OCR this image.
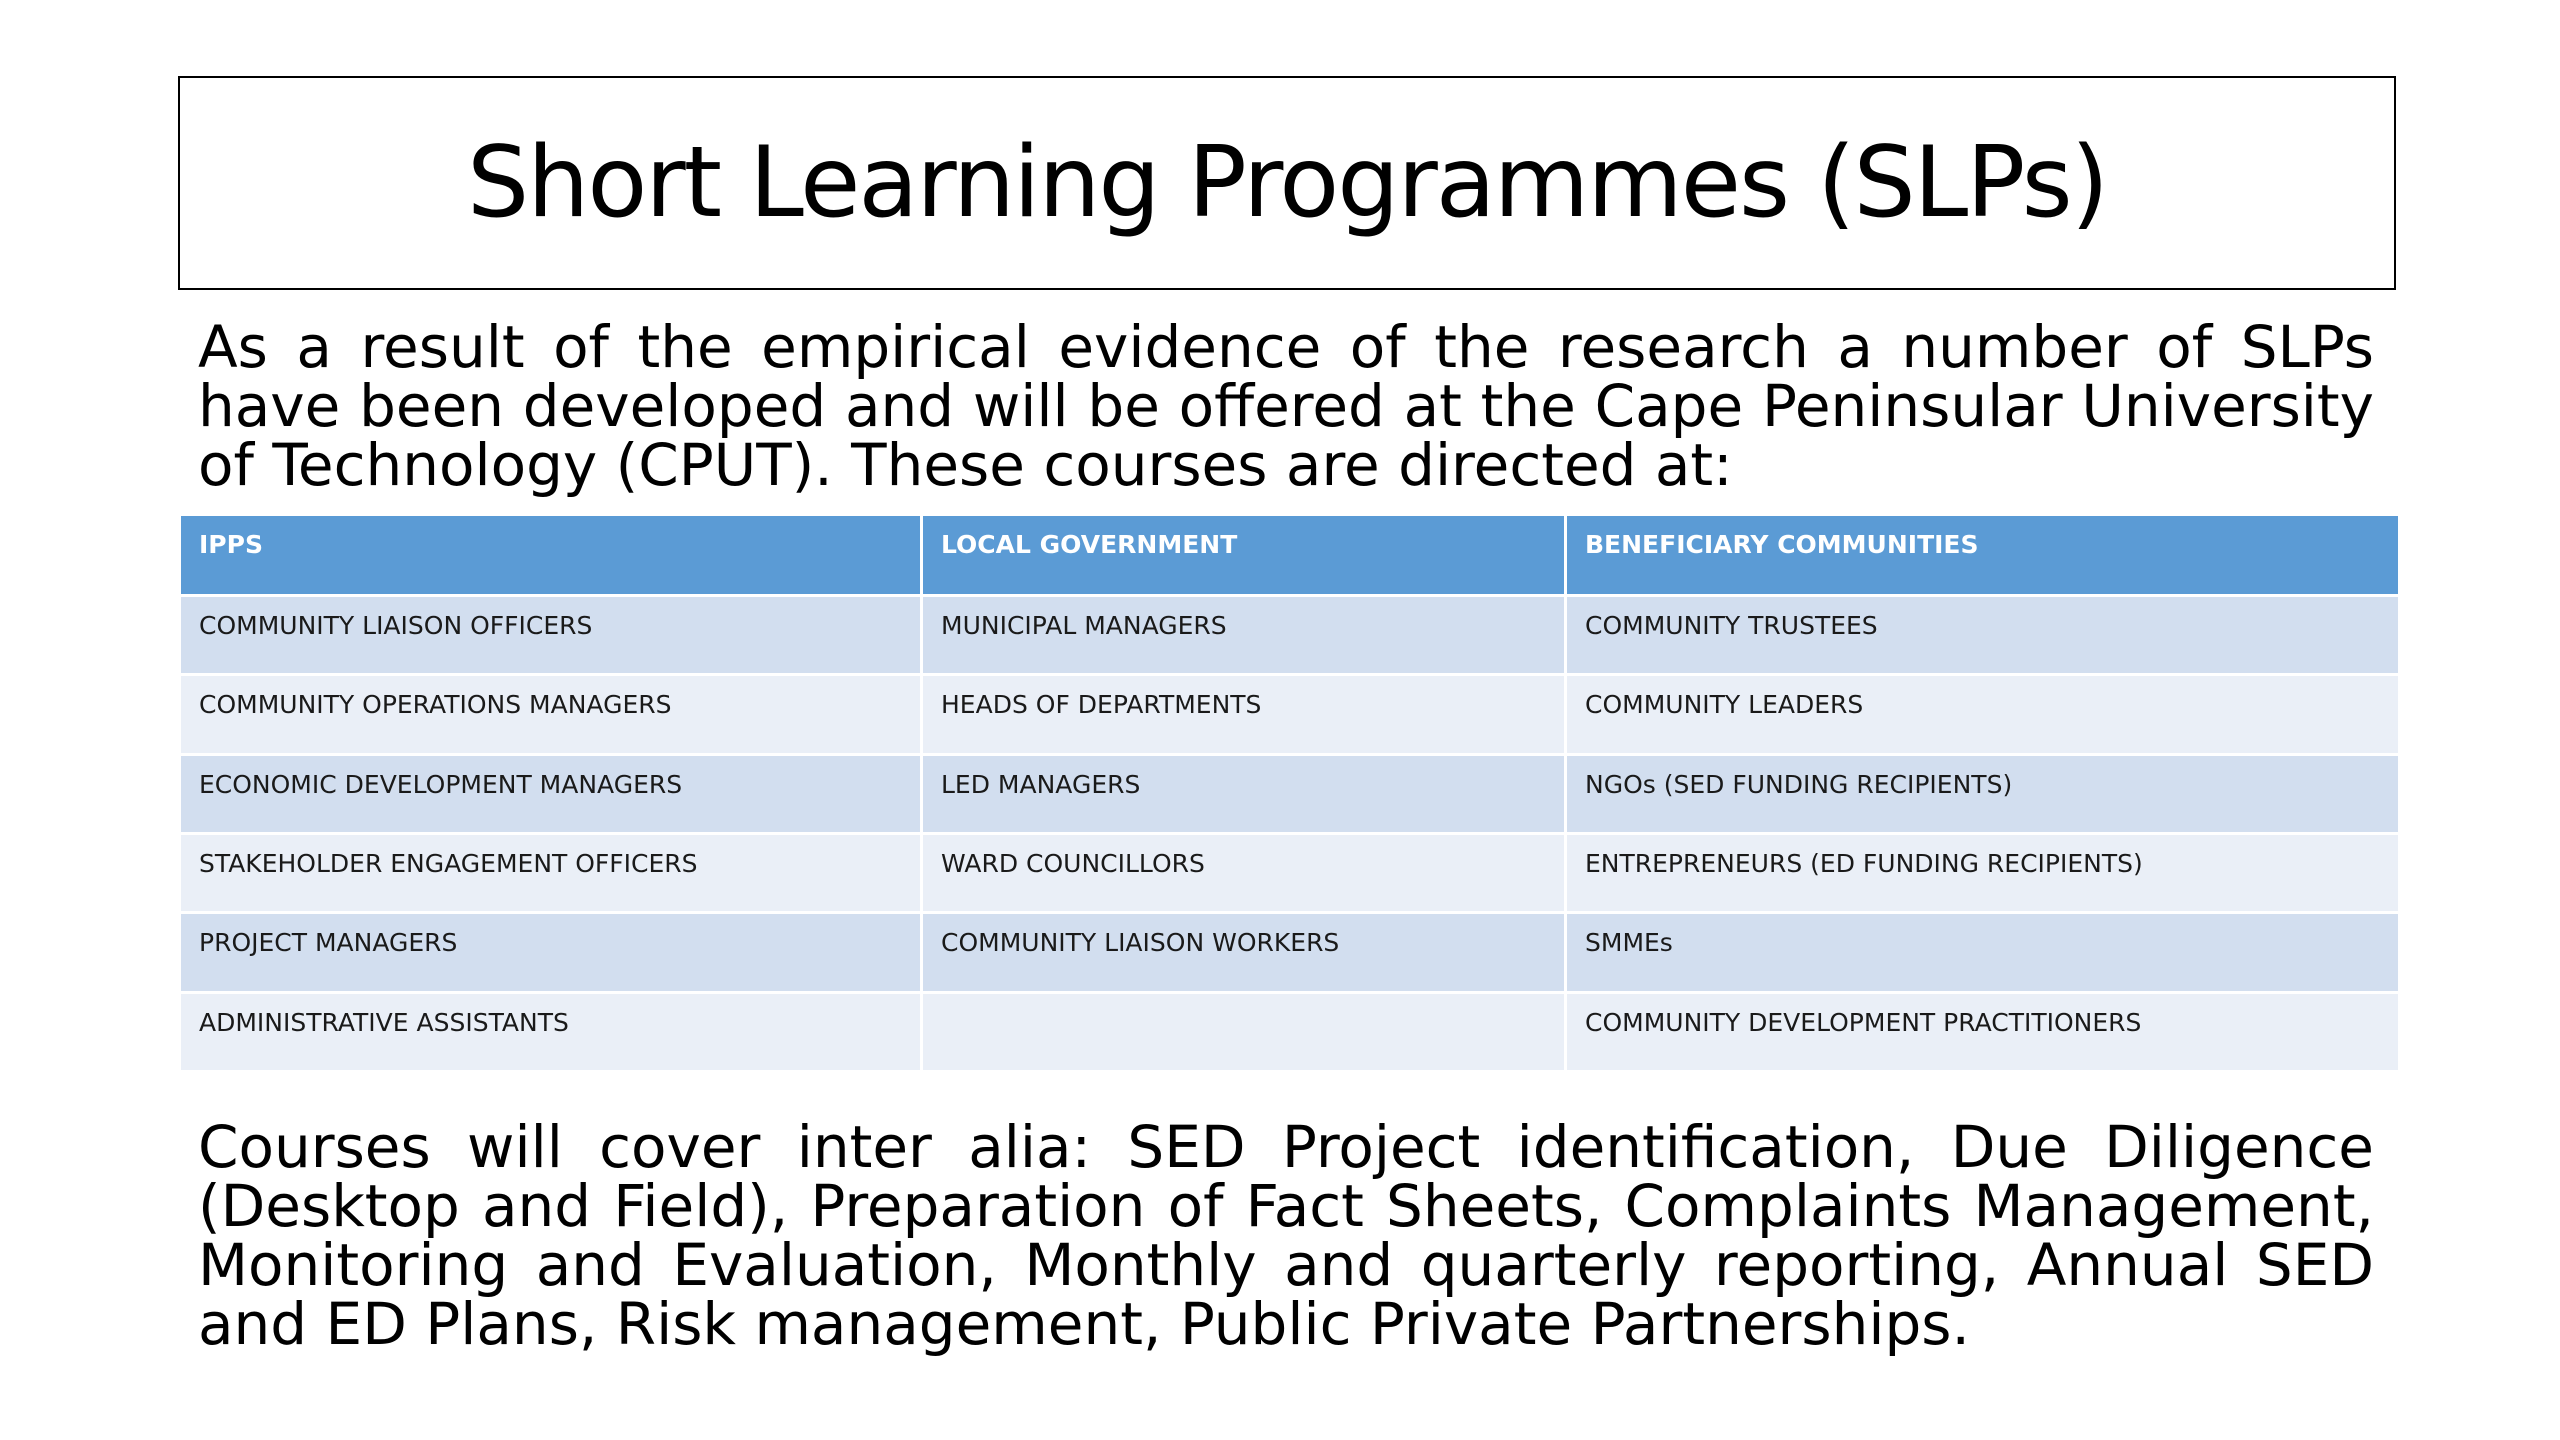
Short Learning Programmes (SLPs)

As a result of the empirical evidence of the research a number of SLPs have been developed and will be offered at the Cape Peninsular University of Technology (CPUT). These courses are directed at:

IPPS	LOCAL GOVERNMENT	BENEFICIARY COMMUNITIES
COMMUNITY LIAISON OFFICERS	MUNICIPAL MANAGERS	COMMUNITY TRUSTEES
COMMUNITY OPERATIONS MANAGERS	HEADS OF DEPARTMENTS	COMMUNITY LEADERS
ECONOMIC DEVELOPMENT MANAGERS	LED MANAGERS	NGOs (SED FUNDING RECIPIENTS)
STAKEHOLDER ENGAGEMENT OFFICERS	WARD COUNCILLORS	ENTREPRENEURS (ED FUNDING RECIPIENTS)
PROJECT MANAGERS	COMMUNITY LIAISON WORKERS	SMMEs
ADMINISTRATIVE ASSISTANTS		COMMUNITY DEVELOPMENT PRACTITIONERS

Courses will cover inter alia: SED Project identification, Due Diligence (Desktop and Field), Preparation of Fact Sheets, Complaints Management, Monitoring and Evaluation, Monthly and quarterly reporting, Annual SED and ED Plans, Risk management, Public Private Partnerships.
